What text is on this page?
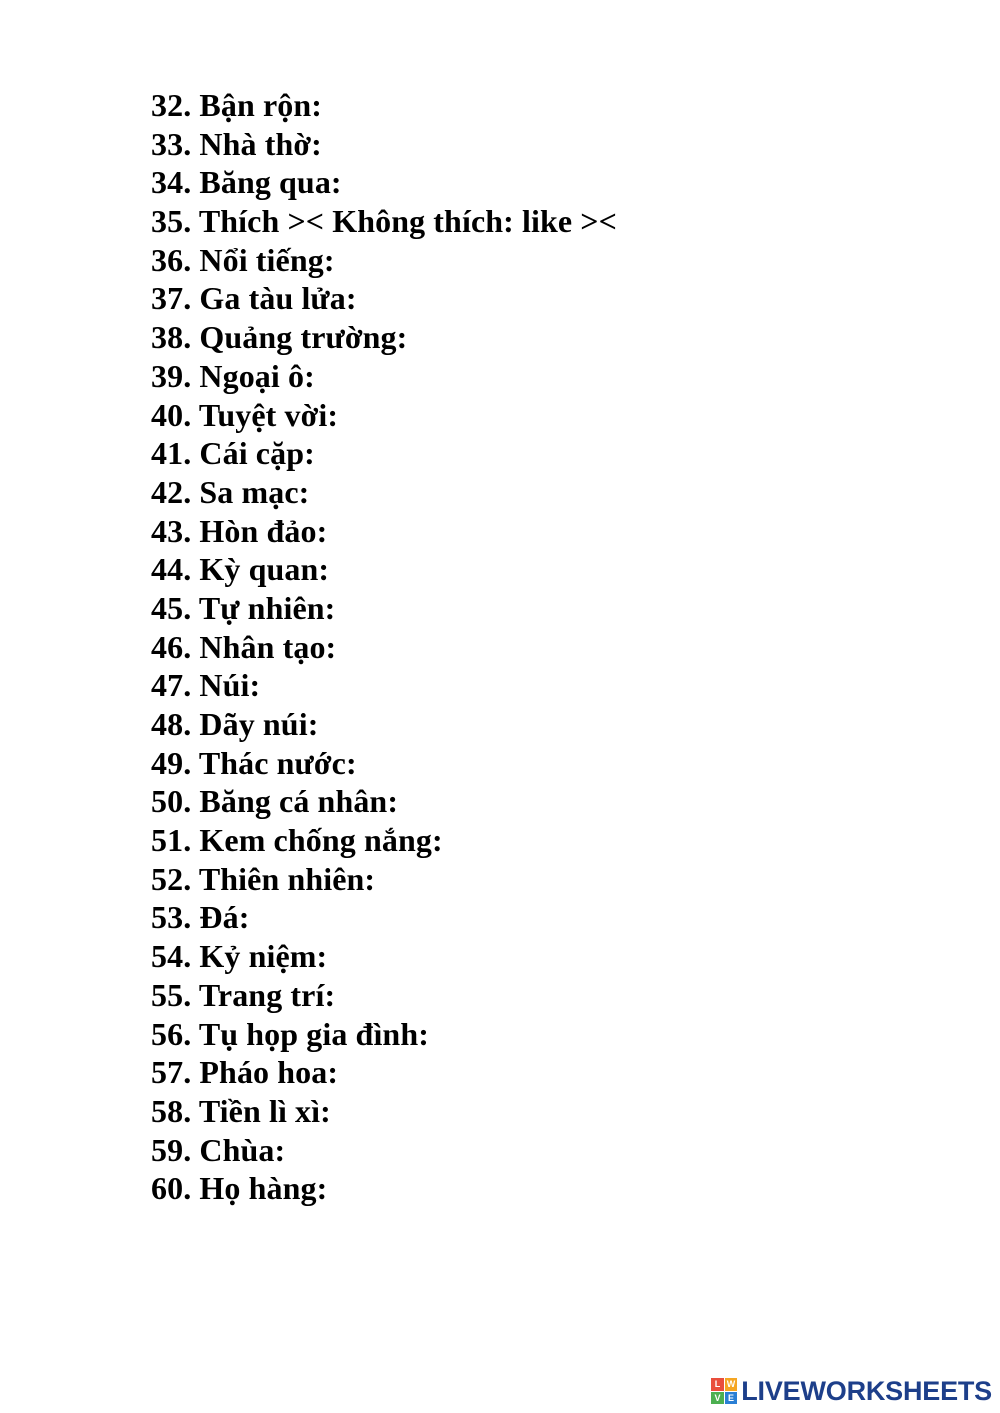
32. Bận rộn:
33. Nhà thờ:
34. Băng qua:
35. Thích >< Không thích: like ><
36. Nổi tiếng:
37. Ga tàu lửa:
38. Quảng trường:
39. Ngoại ô:
40. Tuyệt vời:
41. Cái cặp:
42. Sa mạc:
43. Hòn đảo:
44. Kỳ quan:
45. Tự nhiên:
46. Nhân tạo:
47. Núi:
48. Dãy núi:
49. Thác nước:
50. Băng cá nhân:
51. Kem chống nắng:
52. Thiên nhiên:
53. Đá:
54. Kỷ niệm:
55. Trang trí:
56. Tụ họp gia đình:
57. Pháo hoa:
58. Tiền lì xì:
59. Chùa:
60. Họ hàng:
L W
V E LIVEWORKSHEETS
